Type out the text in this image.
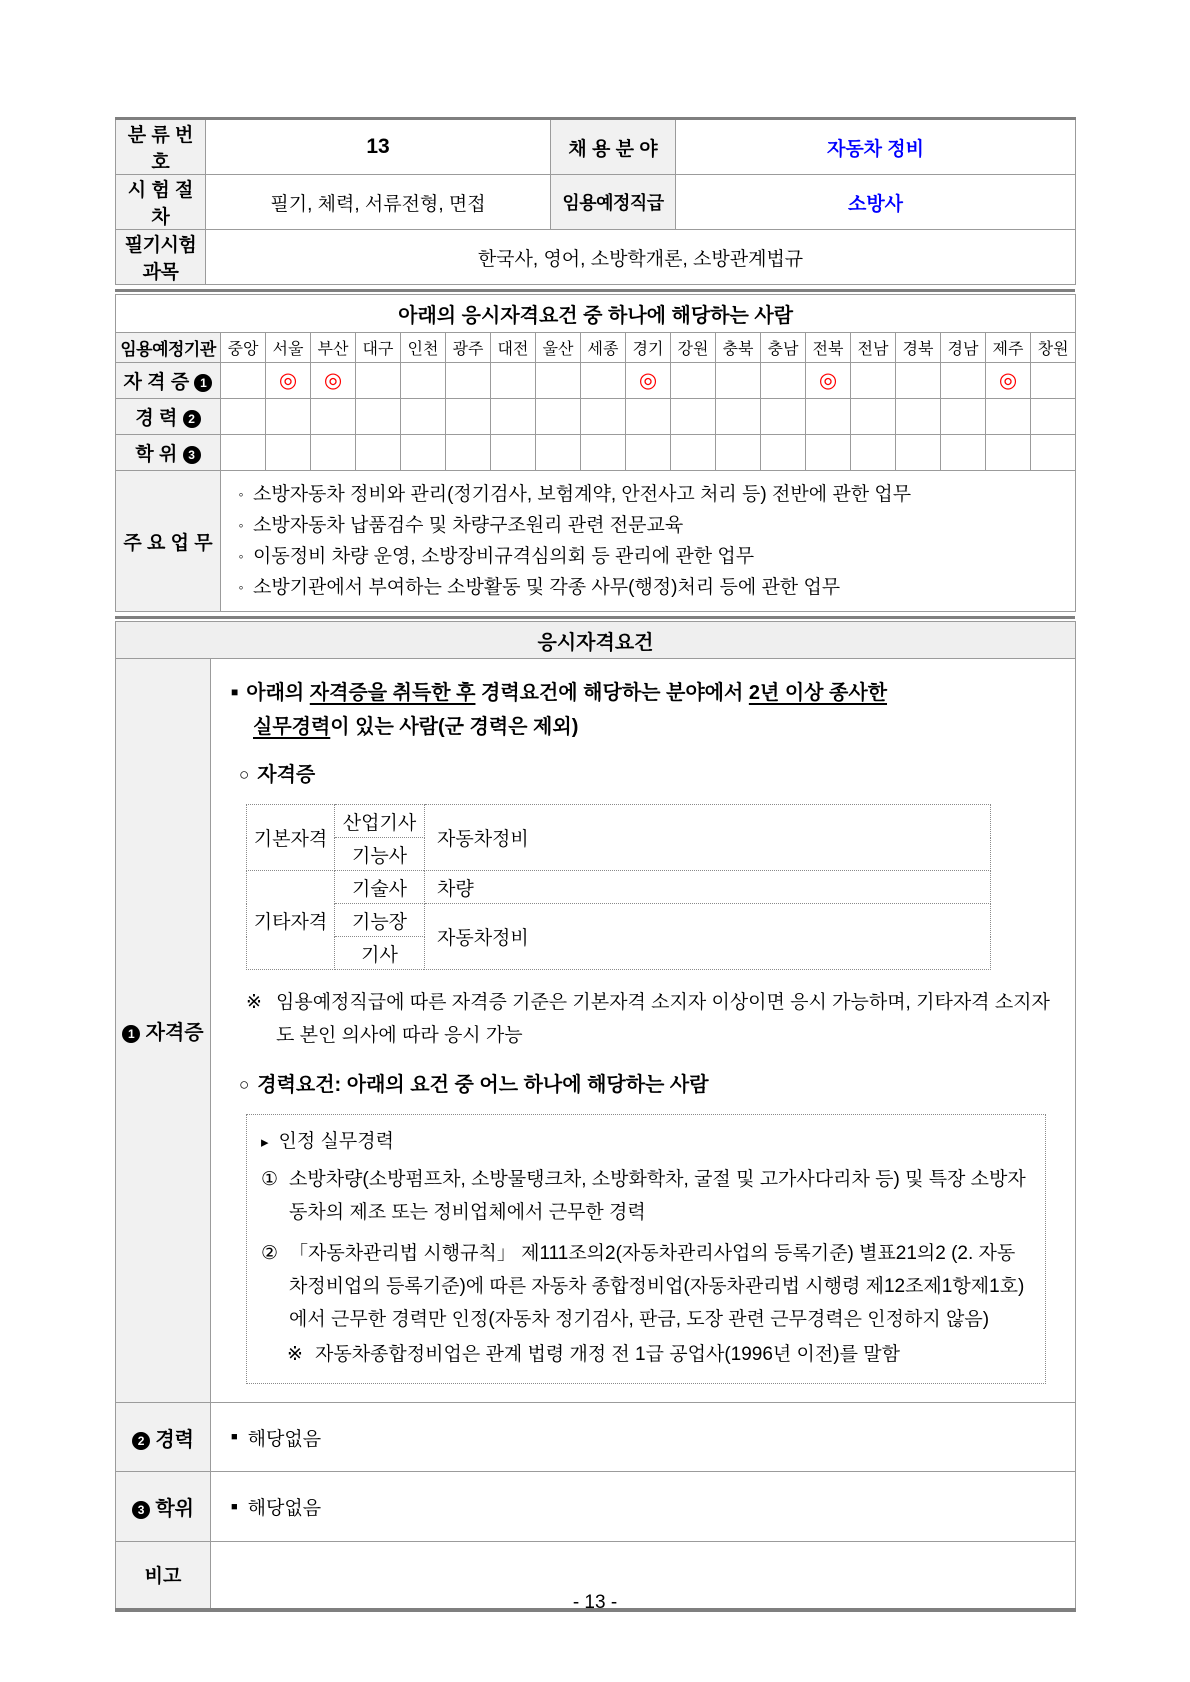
분 류 번 호	13	채 용 분 야	자동차 정비
시 험 절 차	필기, 체력, 서류전형, 면접	임용예정직급	소방사
필기시험과목	한국사, 영어, 소방학개론, 소방관계법규		
아래의 응시자격요건 중 하나에 해당하는 사람																			
임용예정기관	중앙	서울	부산	대구	인천	광주	대전	울산	세종	경기	강원	충북	충남	전북	전남	경북	경남	제주	창원
자 격 증 1		◎	◎							◎				◎				◎	
경 력 2																			
학 위 3																			
주 요 업 무	
◦ 소방자동차 정비와 관리(정기검사, 보험계약, 안전사고 처리 등) 전반에 관한 업무
◦ 소방자동차 납품검수 및 차량구조원리 관련 전문교육
◦ 이동정비 차량 운영, 소방장비규격심의회 등 관리에 관한 업무
◦ 소방기관에서 부여하는 소방활동 및 각종 사무(행정)처리 등에 관한 업무
응시자격요건
1 자격증	
■ 아래의 자격증을 취득한 후 경력요건에 해당하는 분야에서 2년 이상 종사한
실무경력이 있는 사람(군 경력은 제외)
○ 자격증
기본자격	산업기사	자동차정비
기능사
기타자격	기술사	차량
기능장	자동차정비
기사
※ 임용예정직급에 따른 자격증 기준은 기본자격 소지자 이상이면 응시 가능하며, 기타자격 소지자도 본인 의사에 따라 응시 가능
○ 경력요건: 아래의 요건 중 어느 하나에 해당하는 사람
▸ 인정 실무경력
① 소방차량(소방펌프차, 소방물탱크차, 소방화학차, 굴절 및 고가사다리차 등) 및 특장 소방자동차의 제조 또는 정비업체에서 근무한 경력
② 「자동차관리법 시행규칙」 제111조의2(자동차관리사업의 등록기준) 별표21의2 (2. 자동차정비업의 등록기준)에 따른 자동차 종합정비업(자동차관리법 시행령 제12조제1항제1호)에서 근무한 경력만 인정(자동차 정기검사, 판금, 도장 관련 근무경력은 인정하지 않음)
※ 자동차종합정비업은 관계 법령 개정 전 1급 공업사(1996년 이전)를 말함

2 경력	■ 해당없음

3 학위	■ 해당없음

비고	
- 13 -
